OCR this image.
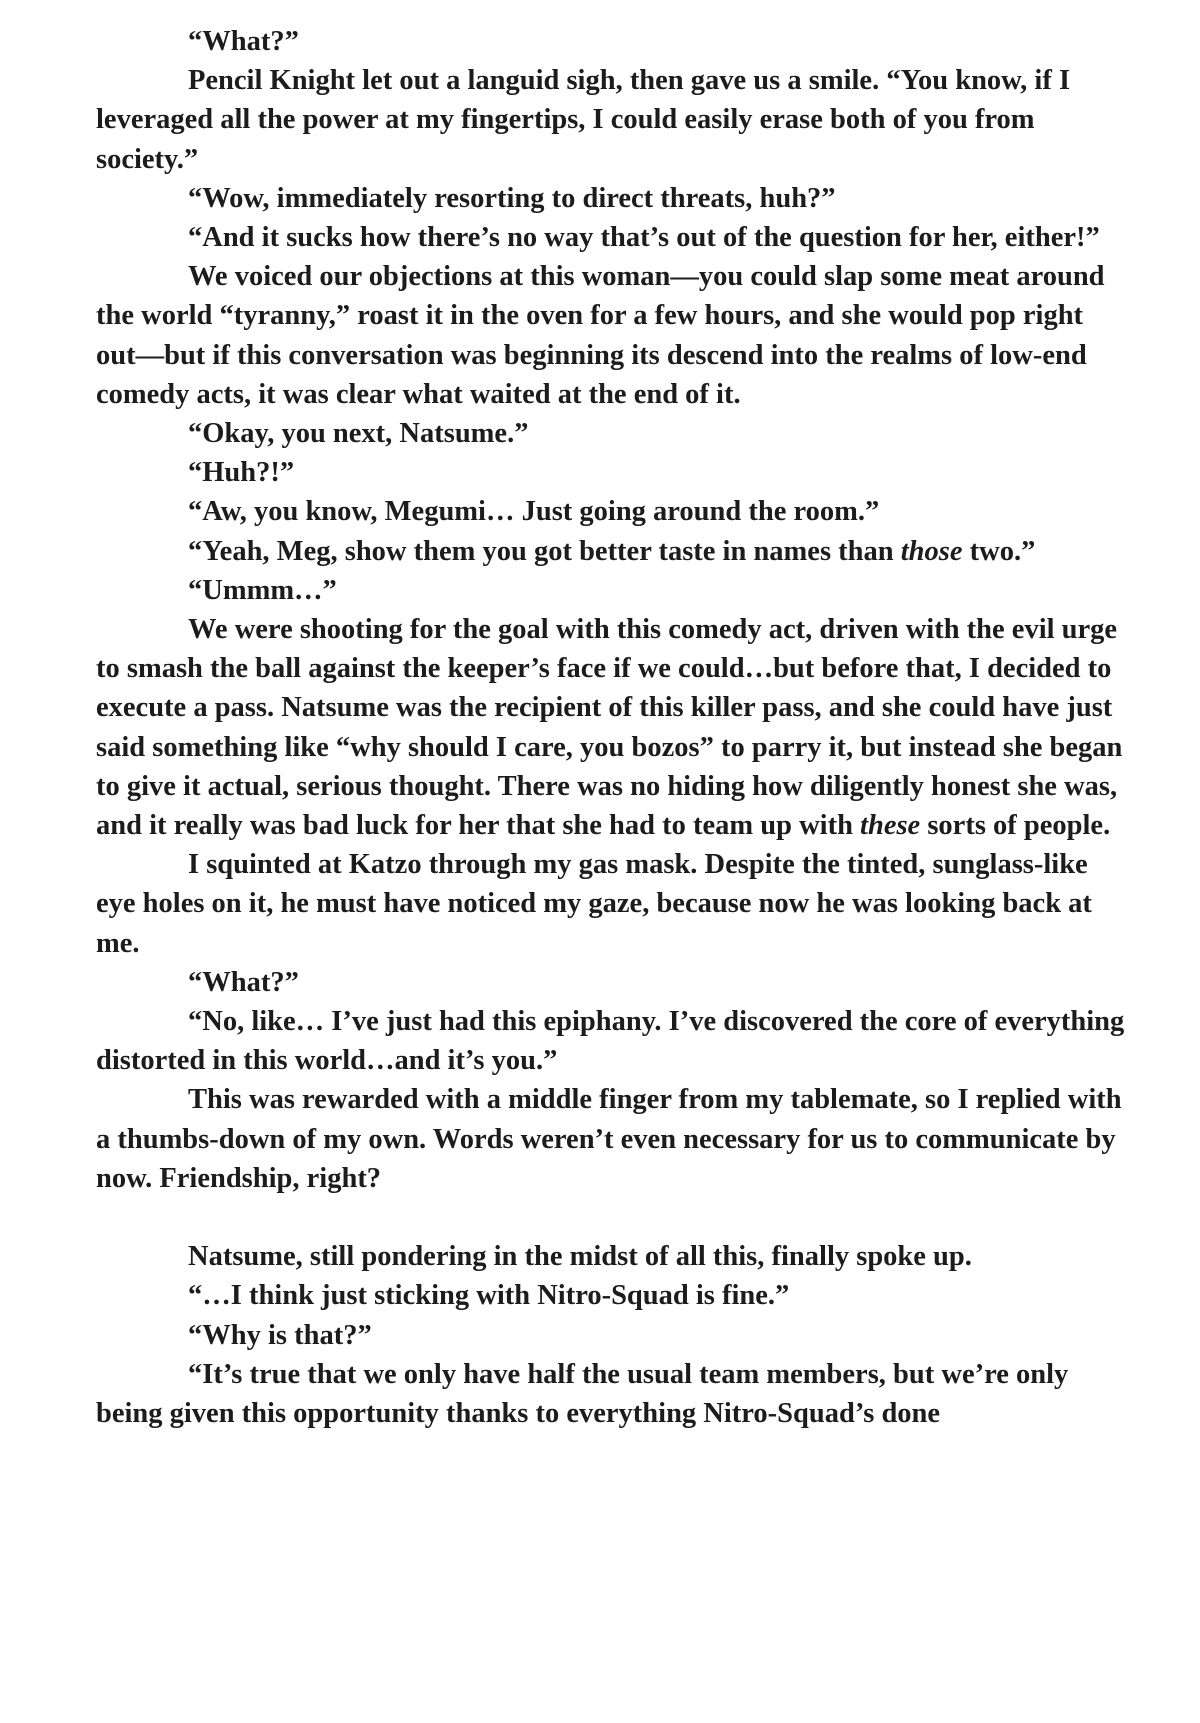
“What?”

Pencil Knight let out a languid sigh, then gave us a smile. “You know, if I leveraged all the power at my fingertips, I could easily erase both of you from society.”

“Wow, immediately resorting to direct threats, huh?”

“And it sucks how there’s no way that’s out of the question for her, either!”

We voiced our objections at this woman—you could slap some meat around the world “tyranny,” roast it in the oven for a few hours, and she would pop right out—but if this conversation was beginning its descend into the realms of low-end comedy acts, it was clear what waited at the end of it.

“Okay, you next, Natsume.”

“Huh?!”

“Aw, you know, Megumi… Just going around the room.”

“Yeah, Meg, show them you got better taste in names than those two.”

“Ummm…”

We were shooting for the goal with this comedy act, driven with the evil urge to smash the ball against the keeper’s face if we could…but before that, I decided to execute a pass. Natsume was the recipient of this killer pass, and she could have just said something like “why should I care, you bozos” to parry it, but instead she began to give it actual, serious thought. There was no hiding how diligently honest she was, and it really was bad luck for her that she had to team up with these sorts of people.

I squinted at Katzo through my gas mask. Despite the tinted, sunglass-like eye holes on it, he must have noticed my gaze, because now he was looking back at me.

“What?”

“No, like… I’ve just had this epiphany. I’ve discovered the core of everything distorted in this world…and it’s you.”

This was rewarded with a middle finger from my tablemate, so I replied with a thumbs-down of my own. Words weren’t even necessary for us to communicate by now. Friendship, right?

Natsume, still pondering in the midst of all this, finally spoke up.

“…I think just sticking with Nitro-Squad is fine.”

“Why is that?”

“It’s true that we only have half the usual team members, but we’re only being given this opportunity thanks to everything Nitro-Squad’s done
